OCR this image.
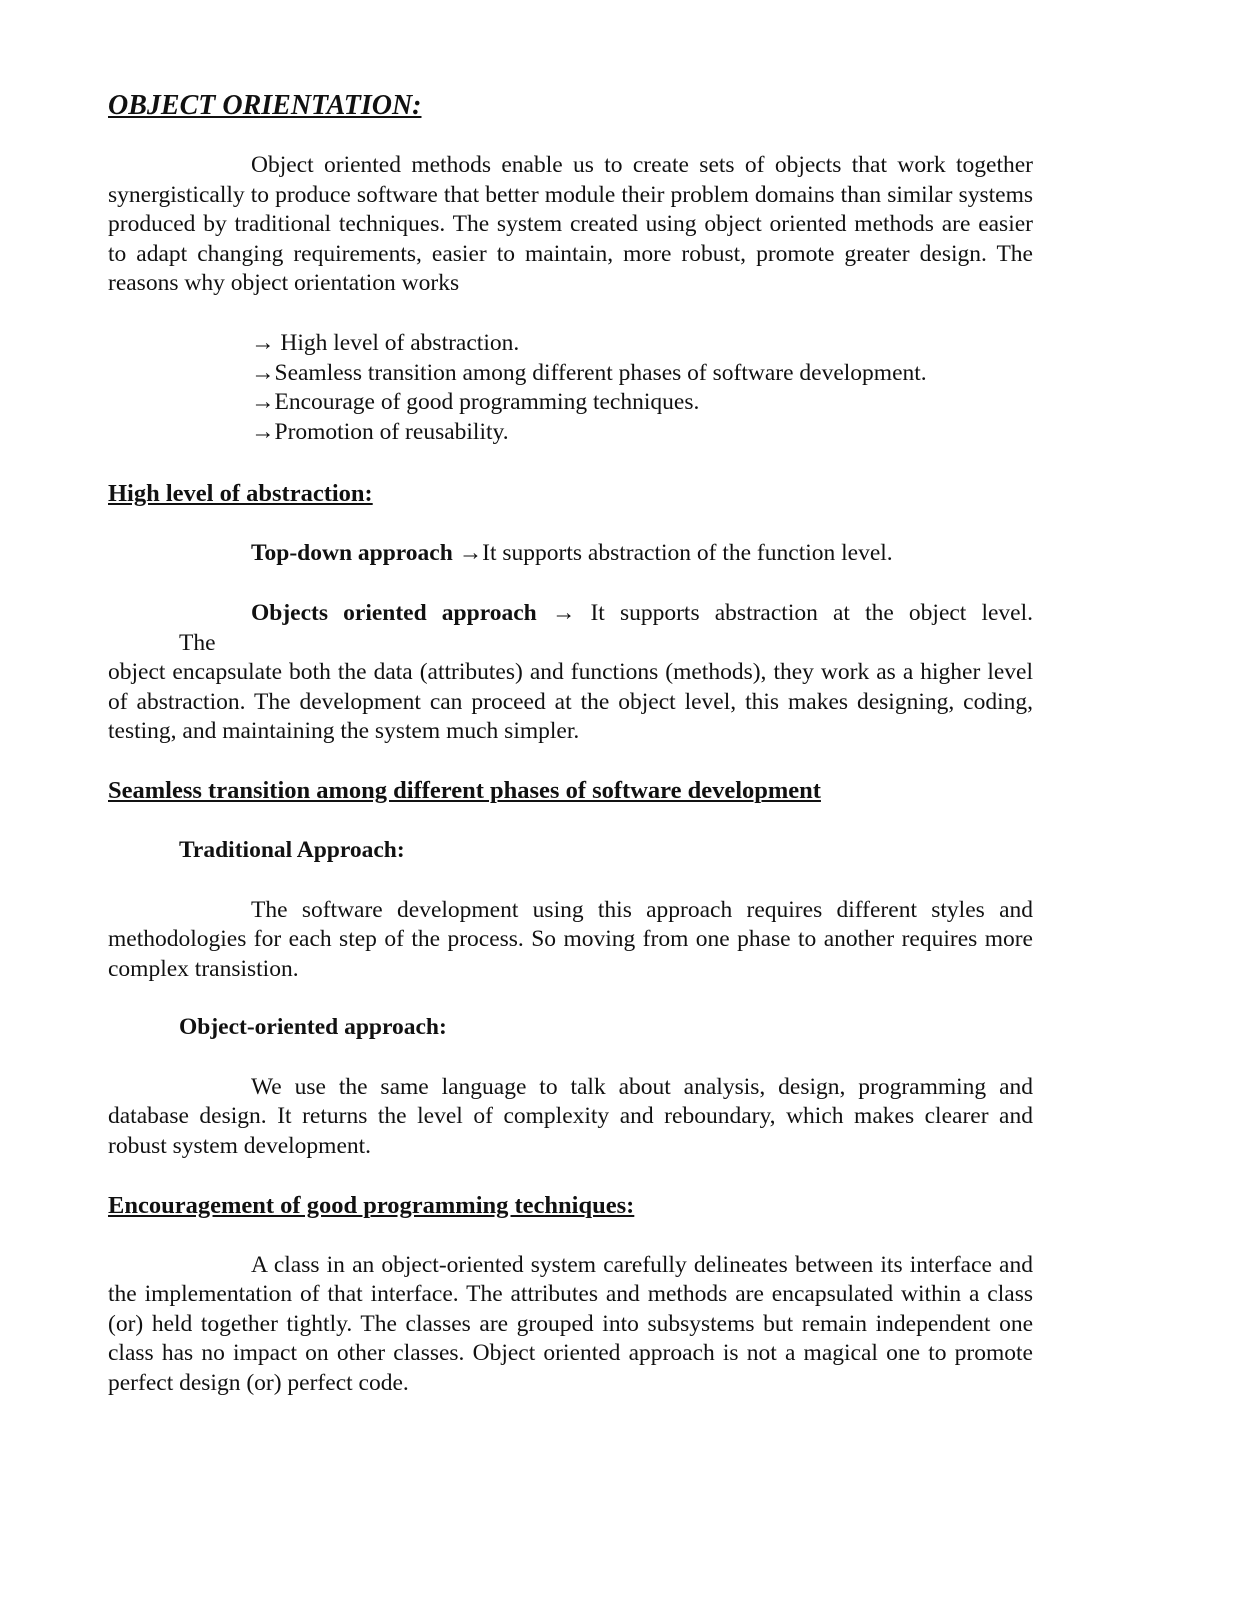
OBJECT ORIENTATION:

Object oriented methods enable us to create sets of objects that work together synergistically to produce software that better module their problem domains than similar systems produced by traditional techniques. The system created using object oriented methods are easier to adapt changing requirements, easier to maintain, more robust, promote greater design. The reasons why object orientation works

→ High level of abstraction.
→Seamless transition among different phases of software development.
→Encourage of good programming techniques.
→Promotion of reusability.
High level of abstraction:

Top-down approach →It supports abstraction of the function level.

Objects oriented approach → It supports abstraction at the object level.

The

object encapsulate both the data (attributes) and functions (methods), they work as a higher level of abstraction. The development can proceed at the object level, this makes designing, coding, testing, and maintaining the system much simpler.

Seamless transition among different phases of software development
Traditional Approach:

The software development using this approach requires different styles and methodologies for each step of the process. So moving from one phase to another requires more complex transistion.

Object-oriented approach:

We use the same language to talk about analysis, design, programming and database design. It returns the level of complexity and reboundary, which makes clearer and robust system development.

Encouragement of good programming techniques:

A class in an object-oriented system carefully delineates between its interface and the implementation of that interface. The attributes and methods are encapsulated within a class (or) held together tightly. The classes are grouped into subsystems but remain independent one class has no impact on other classes. Object oriented approach is not a magical one to promote perfect design (or) perfect code.
